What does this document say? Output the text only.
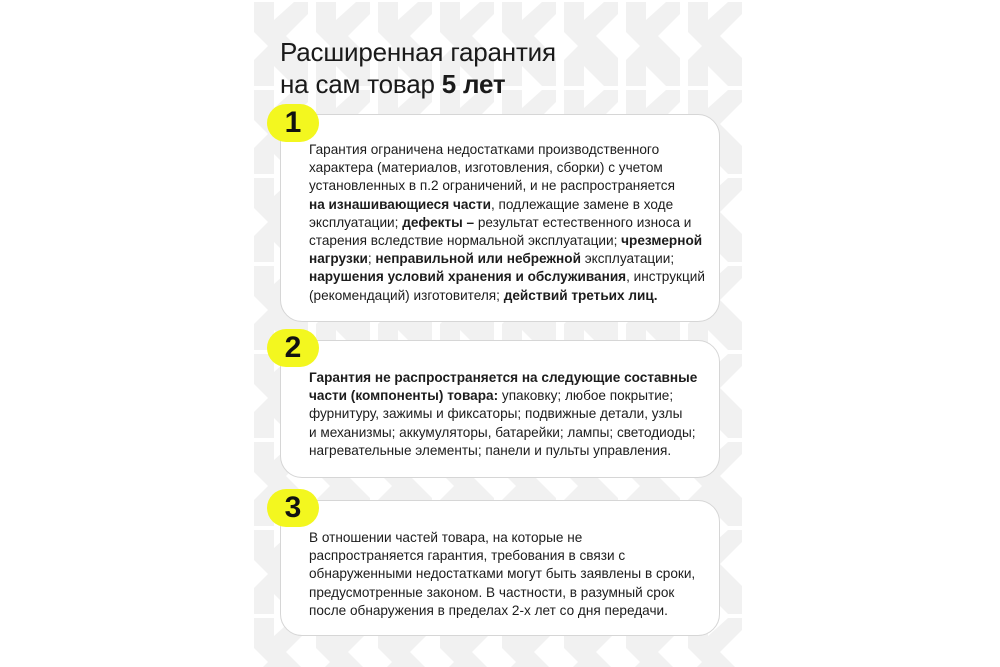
Расширенная гарантия
на сам товар 5 лет
1

Гарантия ограничена недостатками производственного
характера (материалов, изготовления, сборки) с учетом
установленных в п.2 ограничений, и не распространяется
на изнашивающиеся части, подлежащие замене в ходе
эксплуатации; дефекты – результат естественного износа и
старения вследствие нормальной эксплуатации; чрезмерной
нагрузки; неправильной или небрежной эксплуатации;
нарушения условий хранения и обслуживания, инструкций
(рекомендаций) изготовителя; действий третьих лиц.

2

Гарантия не распространяется на следующие составные
части (компоненты) товара: упаковку; любое покрытие;
фурнитуру, зажимы и фиксаторы; подвижные детали, узлы
и механизмы; аккумуляторы, батарейки; лампы; светодиоды;
нагревательные элементы; панели и пульты управления.

3

В отношении частей товара, на которые не
распространяется гарантия, требования в связи с
обнаруженными недостатками могут быть заявлены в сроки,
предусмотренные законом. В частности, в разумный срок
после обнаружения в пределах 2-х лет со дня передачи.
